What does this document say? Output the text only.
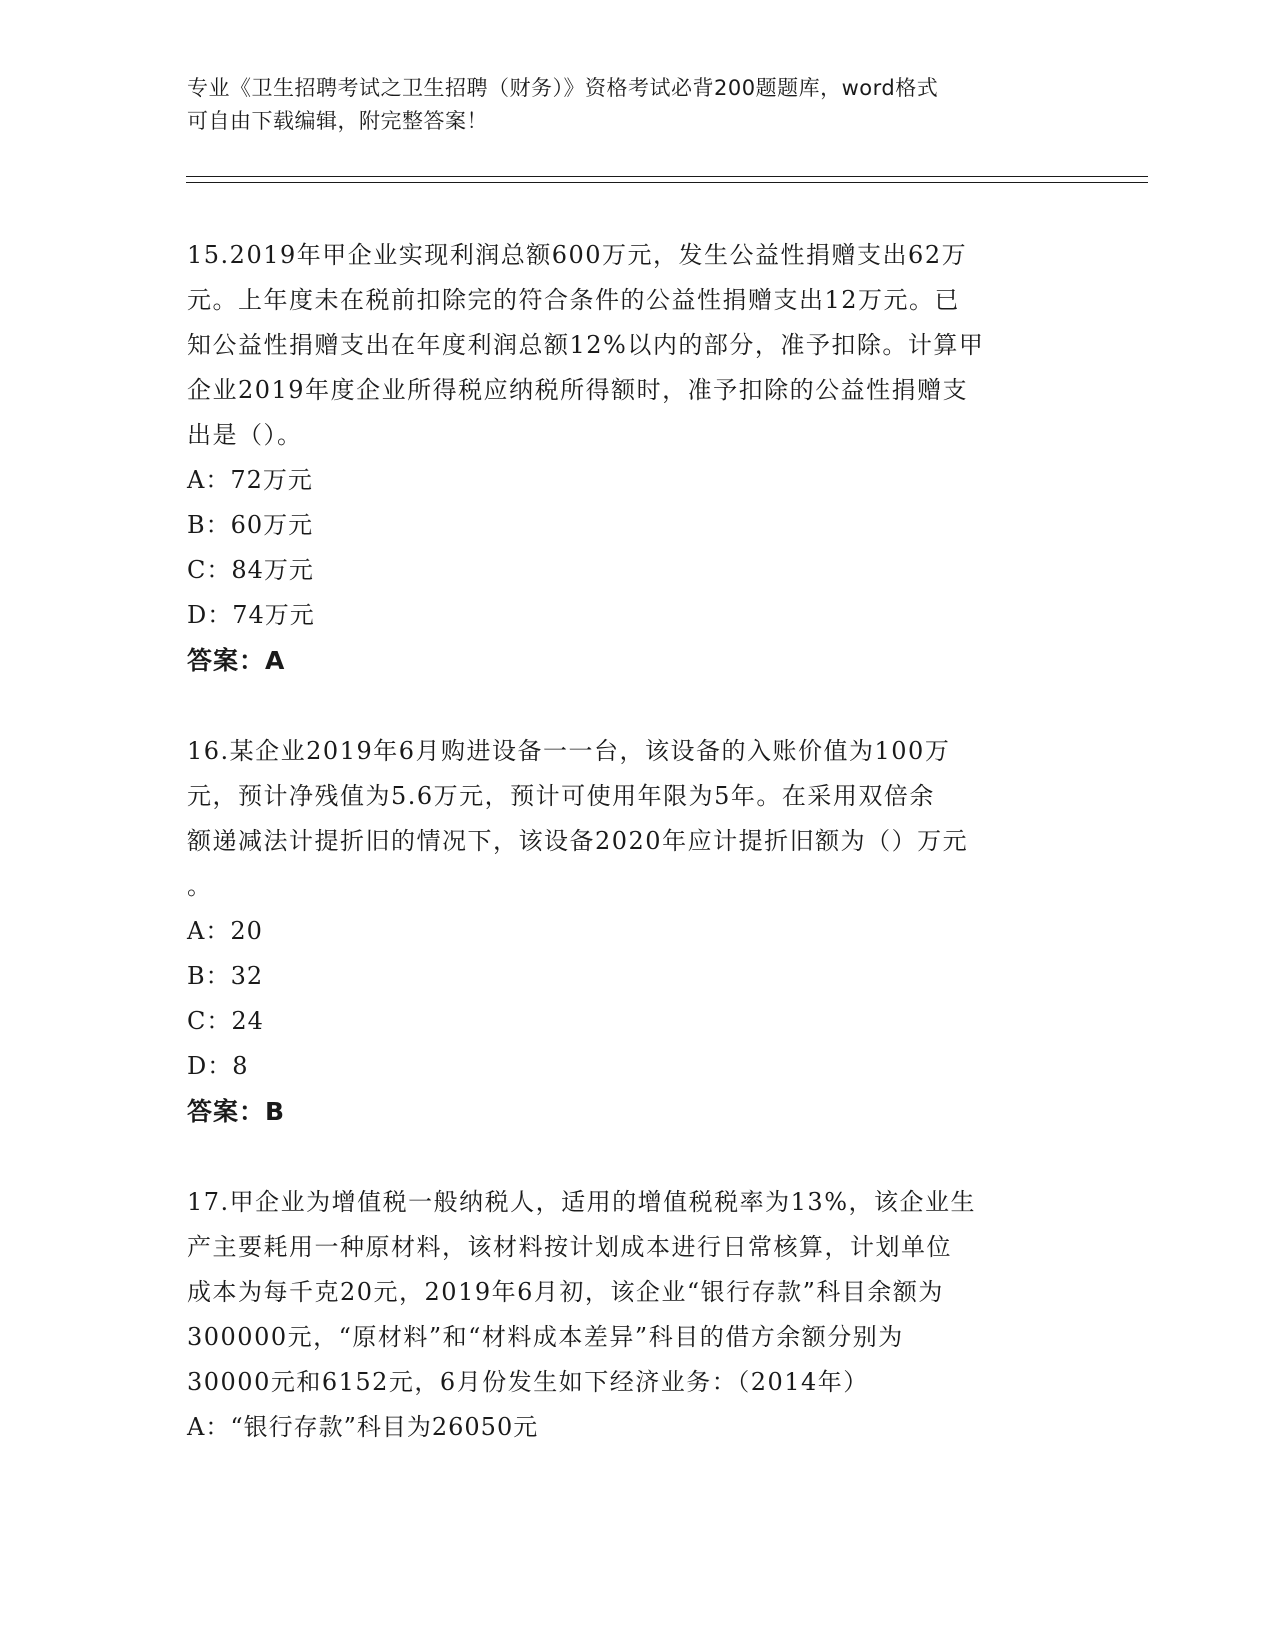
专业《卫生招聘考试之卫生招聘（财务）》资格考试必背200题题库，word格式
可自由下载编辑，附完整答案！

15.2019年甲企业实现利润总额600万元，发生公益性捐赠支出62万

元。上年度未在税前扣除完的符合条件的公益性捐赠支出12万元。已

知公益性捐赠支出在年度利润总额12%以内的部分，准予扣除。计算甲

企业2019年度企业所得税应纳税所得额时，准予扣除的公益性捐赠支

出是（）。

A：72万元

B：60万元

C：84万元

D：74万元

答案：A

16.某企业2019年6月购进设备一一台，该设备的入账价值为100万

元，预计净残值为5.6万元，预计可使用年限为5年。在采用双倍余

额递减法计提折旧的情况下，该设备2020年应计提折旧额为（）万元

。

A：20

B：32

C：24

D：8

答案：B

17.甲企业为增值税一般纳税人，适用的增值税税率为13%，该企业生

产主要耗用一种原材料，该材料按计划成本进行日常核算，计划单位

成本为每千克20元，2019年6月初，该企业“银行存款”科目余额为

300000元，“原材料”和“材料成本差异”科目的借方余额分别为

30000元和6152元，6月份发生如下经济业务：（2014年）

A：“银行存款”科目为26050元
